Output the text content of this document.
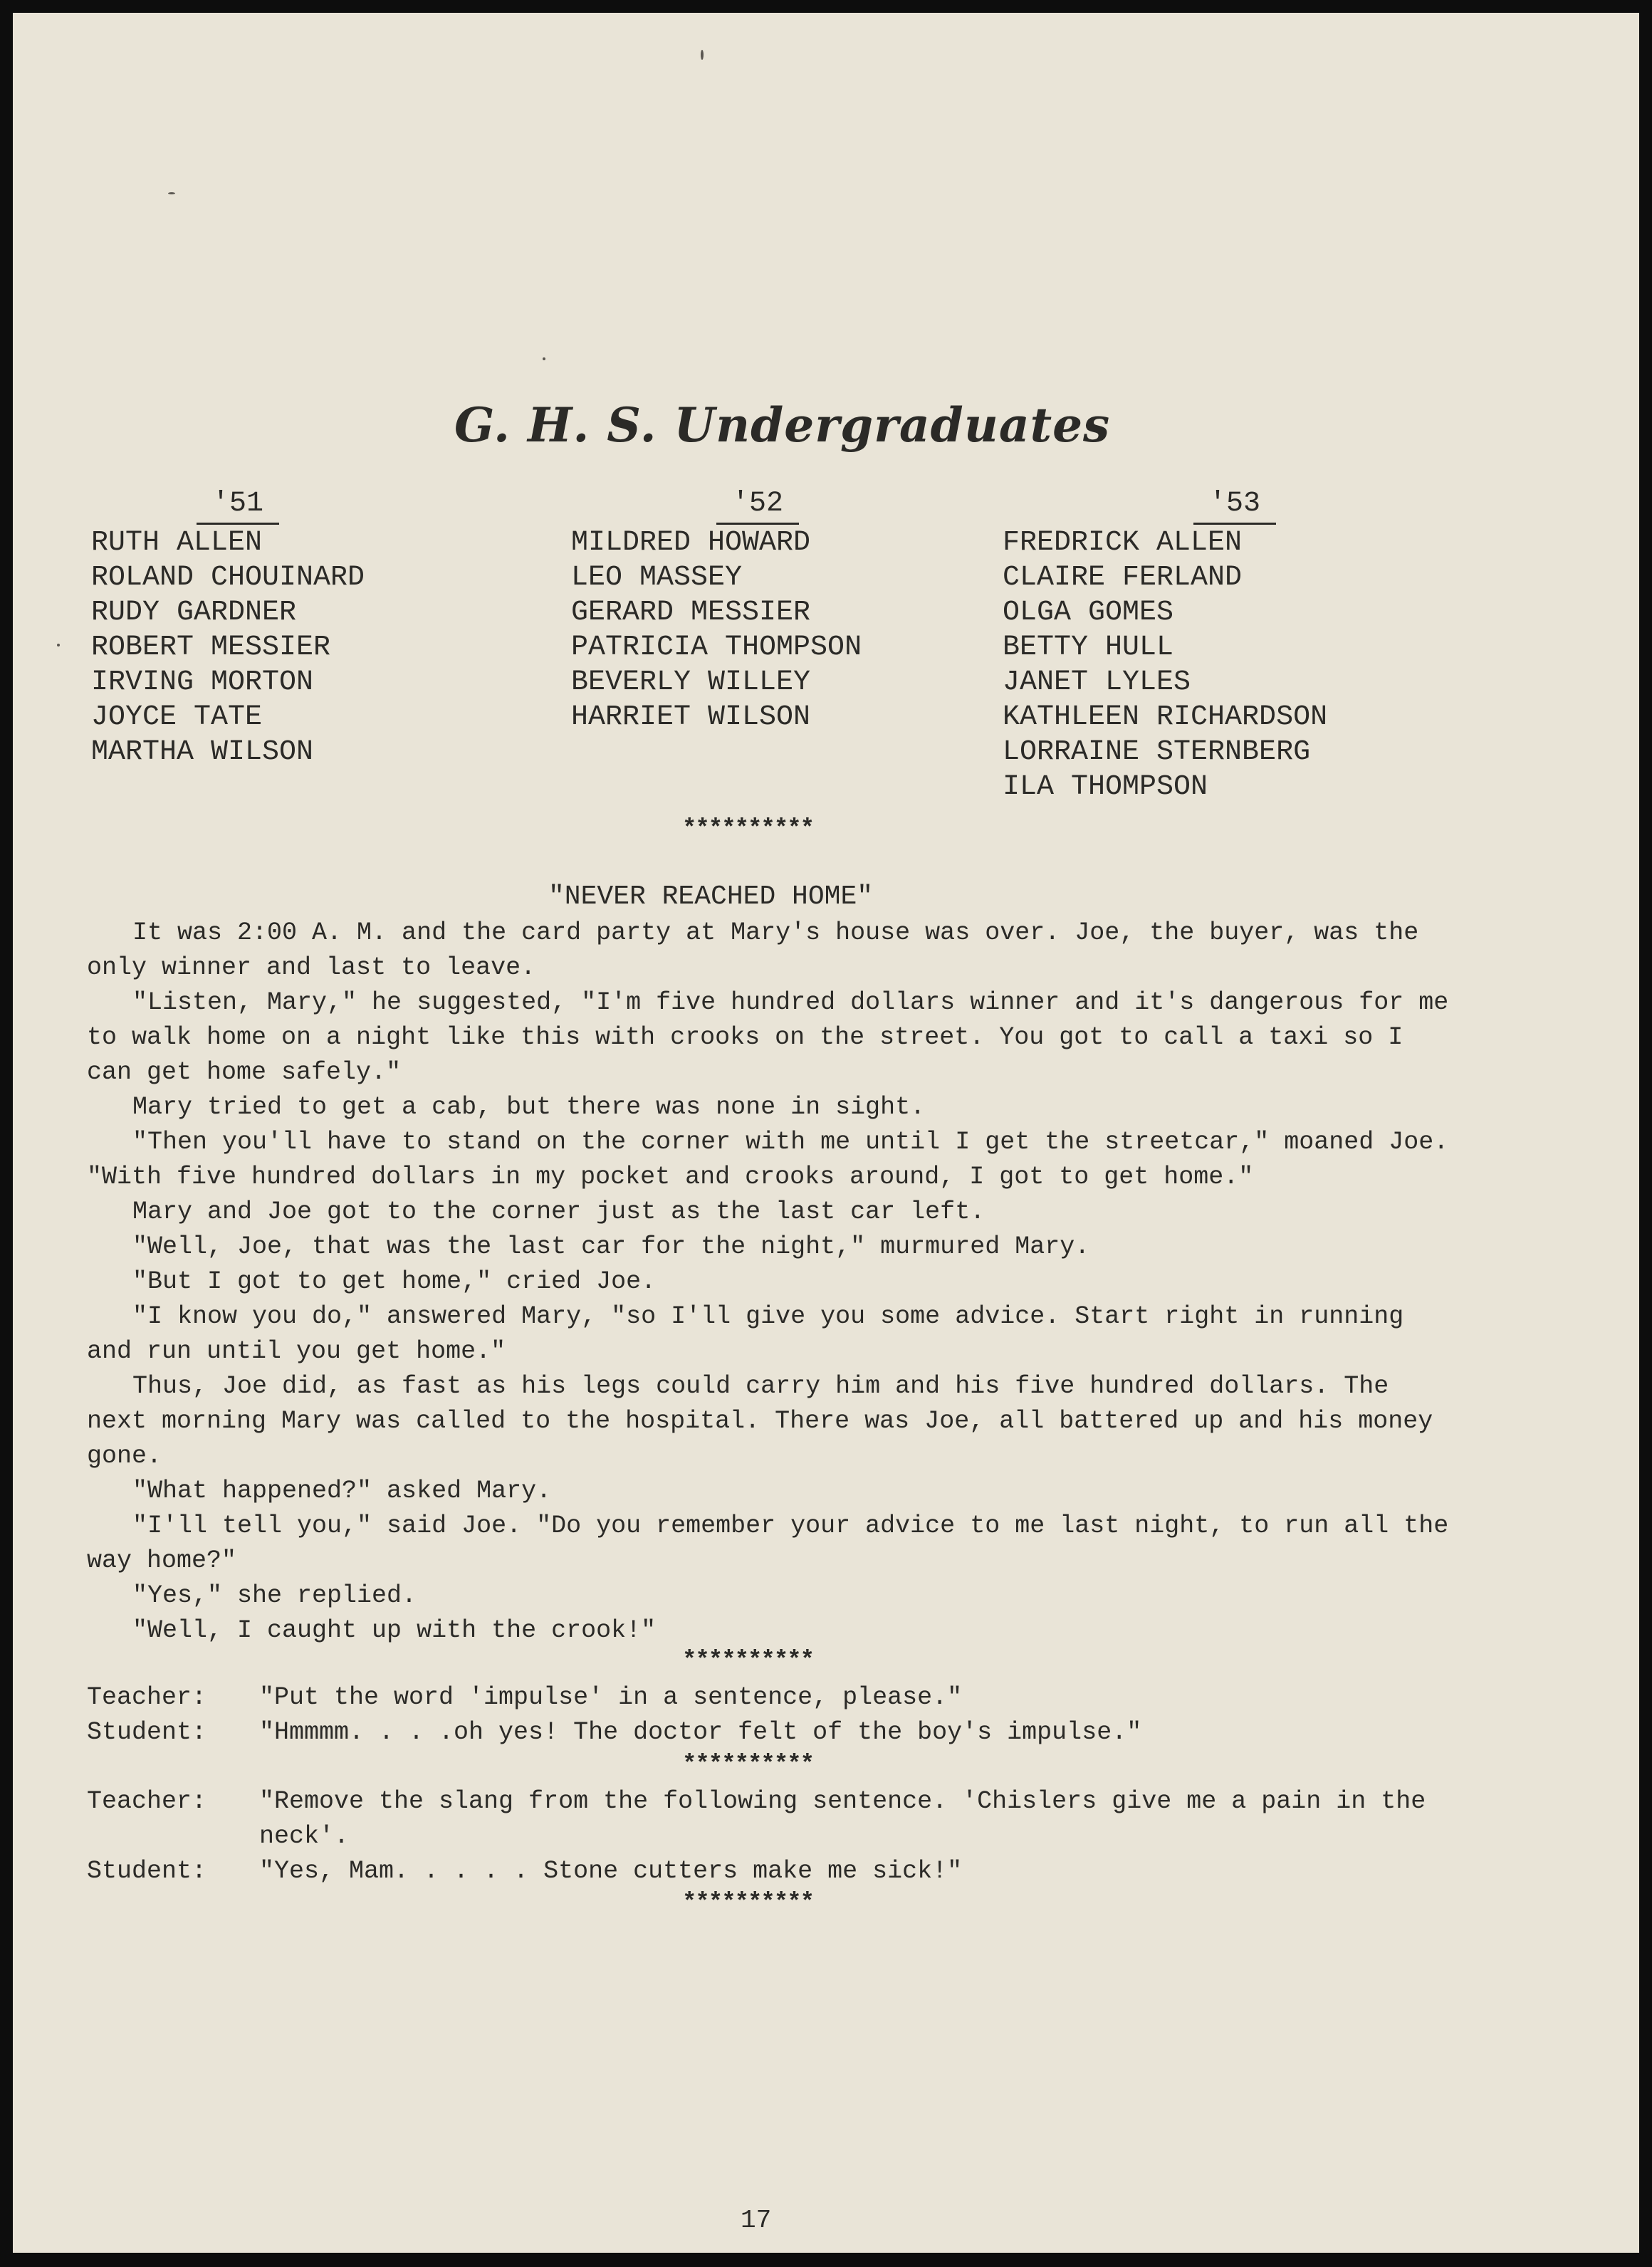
G. H. S. Undergraduates
'51
RUTH ALLEN
ROLAND CHOUINARD
RUDY GARDNER
ROBERT MESSIER
IRVING MORTON
JOYCE TATE
MARTHA WILSON
'52
MILDRED HOWARD
LEO MASSEY
GERARD MESSIER
PATRICIA THOMPSON
BEVERLY WILLEY
HARRIET WILSON
'53
FREDRICK ALLEN
CLAIRE FERLAND
OLGA GOMES
BETTY HULL
JANET LYLES
KATHLEEN RICHARDSON
LORRAINE STERNBERG
ILA THOMPSON
**********
"NEVER REACHED HOME"

It was 2:00 A. M. and the card party at Mary's house was over. Joe, the buyer, was the only winner and last to leave.

"Listen, Mary," he suggested, "I'm five hundred dollars winner and it's dangerous for me to walk home on a night like this with crooks on the street. You got to call a taxi so I can get home safely."

Mary tried to get a cab, but there was none in sight.

"Then you'll have to stand on the corner with me until I get the streetcar," moaned Joe. "With five hundred dollars in my pocket and crooks around, I got to get home."

Mary and Joe got to the corner just as the last car left.

"Well, Joe, that was the last car for the night," murmured Mary.

"But I got to get home," cried Joe.

"I know you do," answered Mary, "so I'll give you some advice. Start right in running and run until you get home."

Thus, Joe did, as fast as his legs could carry him and his five hundred dollars. The next morning Mary was called to the hospital. There was Joe, all battered up and his money gone.

"What happened?" asked Mary.

"I'll tell you," said Joe. "Do you remember your advice to me last night, to run all the way home?"

"Yes," she replied.

"Well, I caught up with the crook!"

**********
Teacher:	"Put the word 'impulse' in a sentence, please."
Student:	"Hmmmm. . . .oh yes! The doctor felt of the boy's impulse."
**********
Teacher:	"Remove the slang from the following sentence. 'Chislers give me a pain in the neck'.
Student:	"Yes, Mam. . . . . Stone cutters make me sick!"
**********
17
